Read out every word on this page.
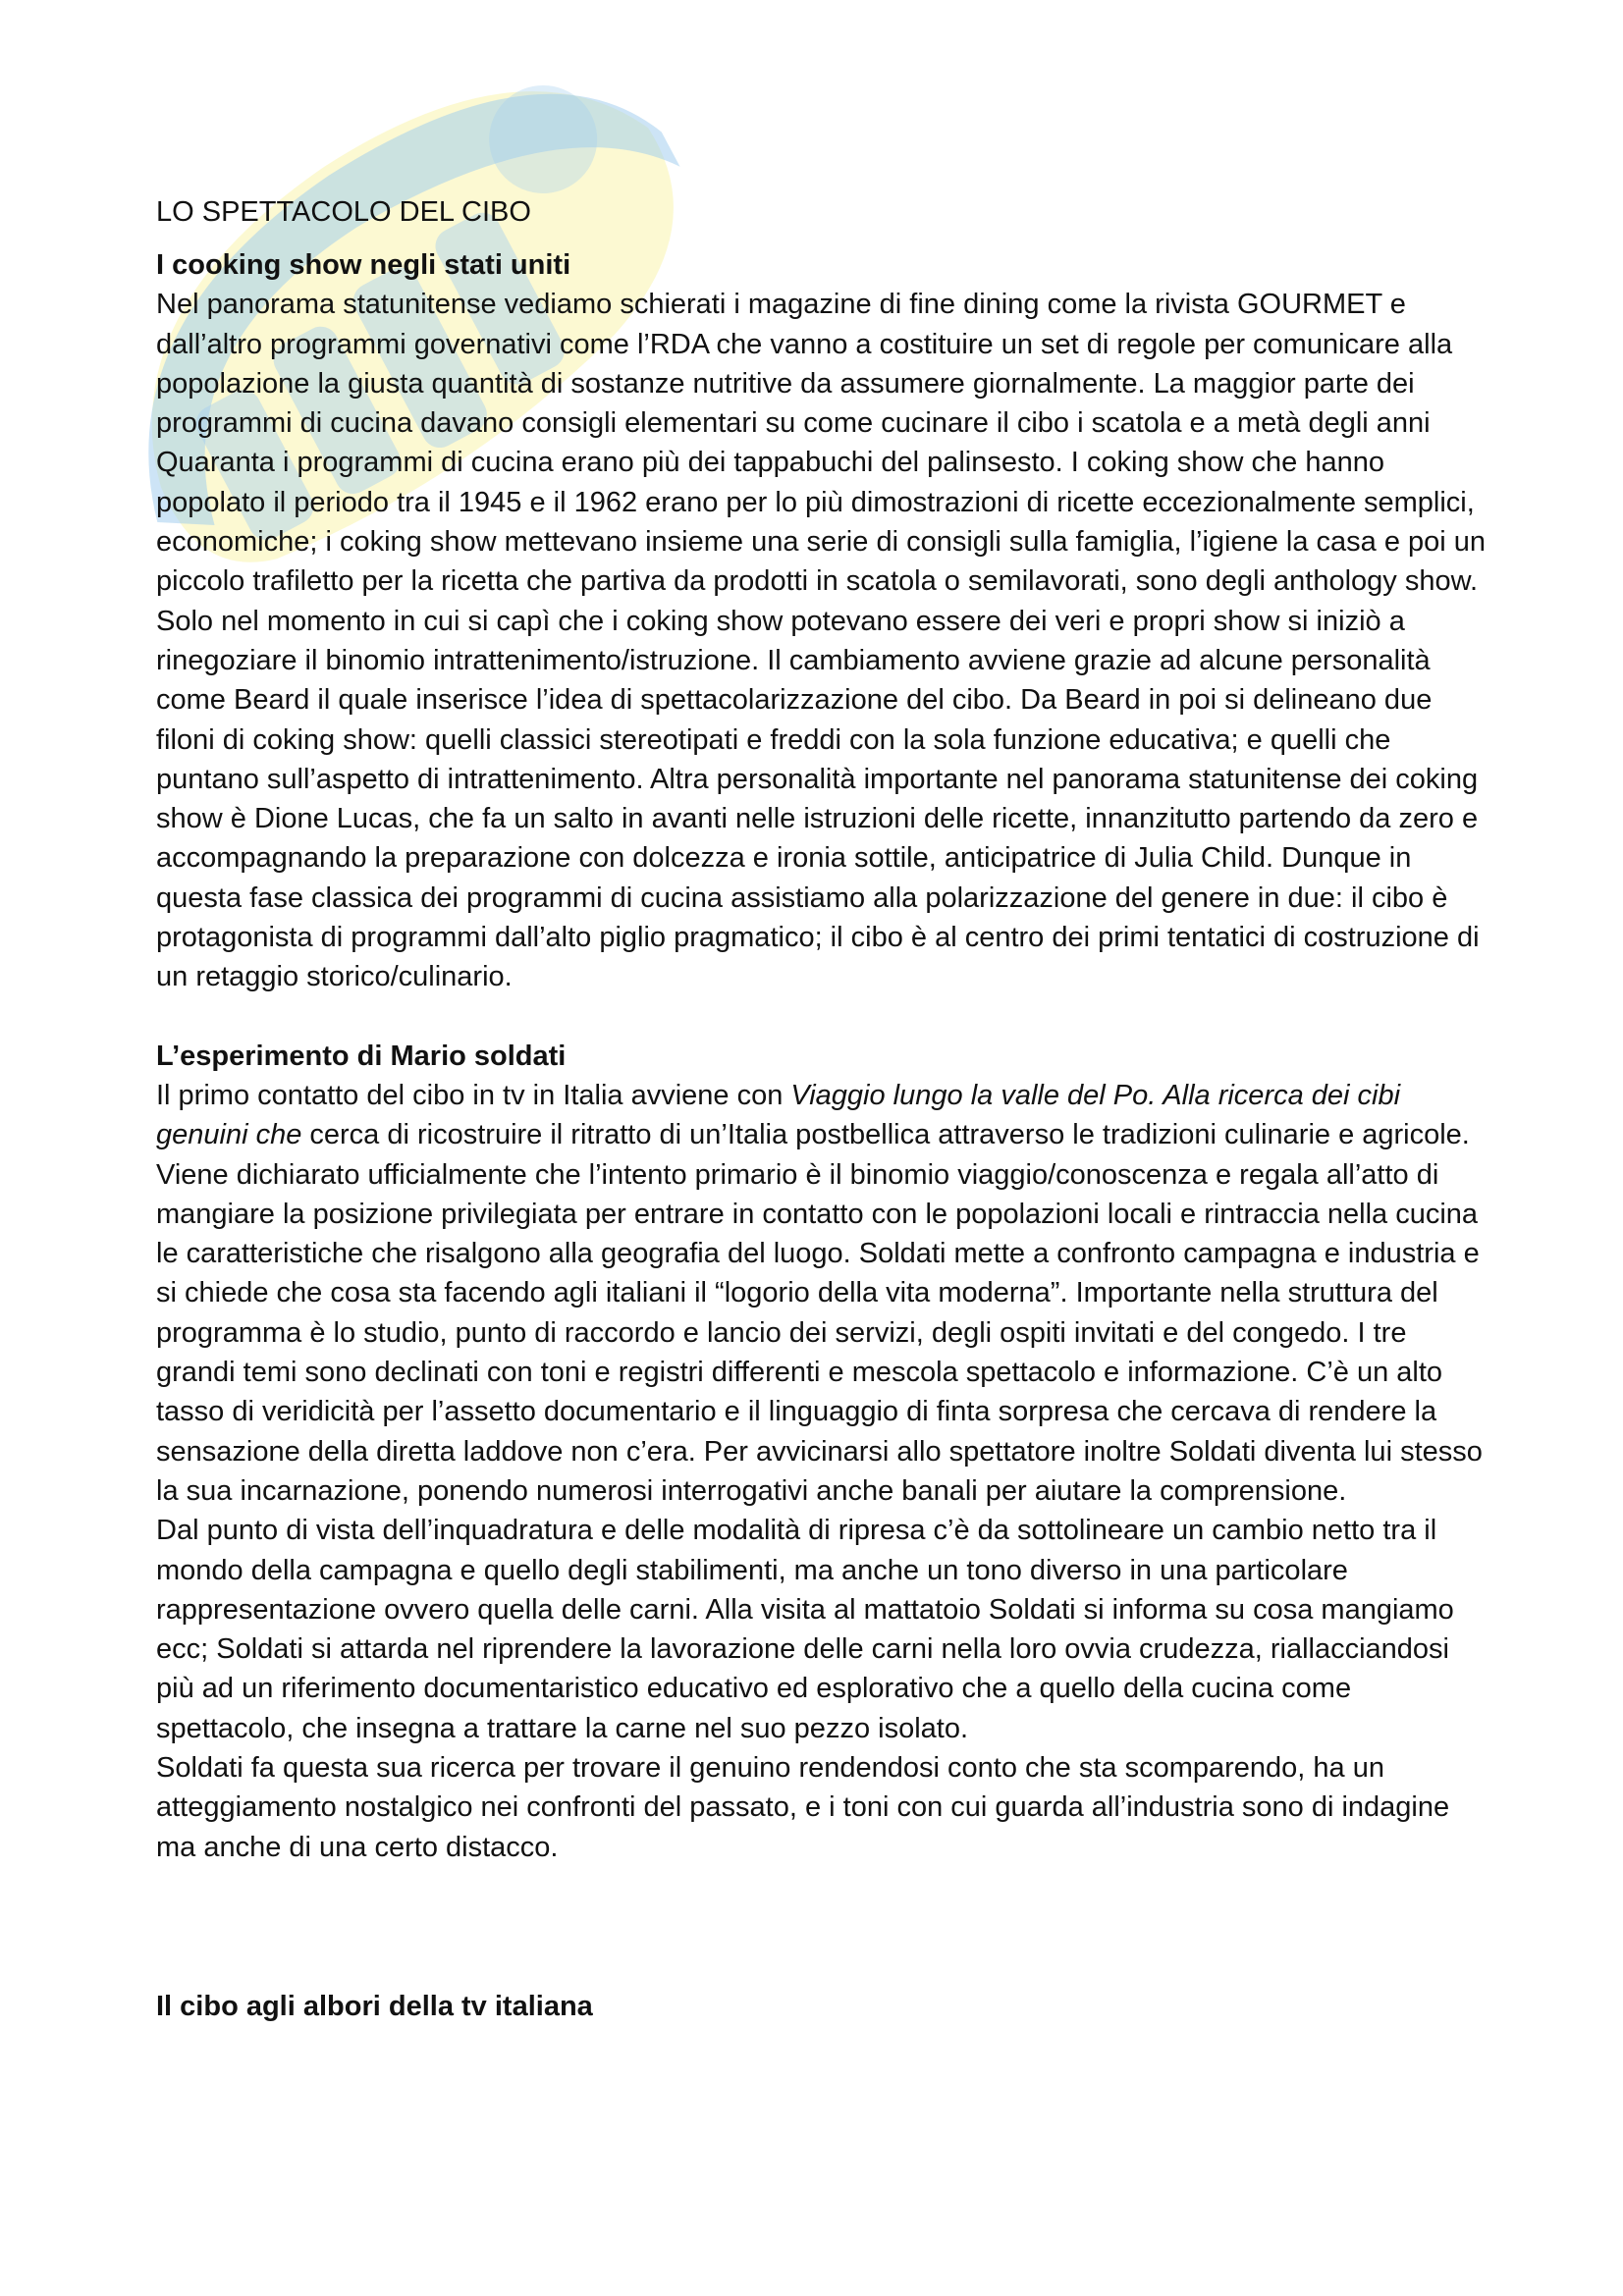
LO SPETTACOLO DEL CIBO
I cooking show negli stati uniti

Nel panorama statunitense vediamo schierati i magazine di fine dining come la rivista GOURMET e dall’altro programmi governativi come l’RDA che vanno a costituire un set di regole per comunicare alla popolazione la giusta quantità di sostanze nutritive da assumere giornalmente. La maggior parte dei programmi di cucina davano consigli elementari su come cucinare il cibo i scatola e a metà degli anni Quaranta i programmi di cucina erano più dei tappabuchi del palinsesto. I coking show che hanno popolato il periodo tra il 1945 e il 1962 erano per lo più dimostrazioni di ricette eccezionalmente semplici, economiche; i coking show mettevano insieme una serie di consigli sulla famiglia, l’igiene la casa e poi un piccolo trafiletto per la ricetta che partiva da prodotti in scatola o semilavorati, sono degli anthology show. Solo nel momento in cui si capì che i coking show potevano essere dei veri e propri show si iniziò a rinegoziare il binomio intrattenimento/istruzione. Il cambiamento avviene grazie ad alcune personalità come Beard il quale inserisce l’idea di spettacolarizzazione del cibo. Da Beard in poi si delineano due filoni di coking show: quelli classici stereotipati e freddi con la sola funzione educativa; e quelli che puntano sull’aspetto di intrattenimento. Altra personalità importante nel panorama statunitense dei coking show è Dione Lucas, che fa un salto in avanti nelle istruzioni delle ricette, innanzitutto partendo da zero e accompagnando la preparazione con dolcezza e ironia sottile, anticipatrice di Julia Child. Dunque in questa fase classica dei programmi di cucina assistiamo alla polarizzazione del genere in due: il cibo è protagonista di programmi dall’alto piglio pragmatico; il cibo è al centro dei primi tentatici di costruzione di un retaggio storico/culinario.

L’esperimento di Mario soldati

Il primo contatto del cibo in tv in Italia avviene con Viaggio lungo la valle del Po. Alla ricerca dei cibi genuini che cerca di ricostruire il ritratto di un’Italia postbellica attraverso le tradizioni culinarie e agricole. Viene dichiarato ufficialmente che l’intento primario è il binomio viaggio/conoscenza e regala all’atto di mangiare la posizione privilegiata per entrare in contatto con le popolazioni locali e rintraccia nella cucina le caratteristiche che risalgono alla geografia del luogo. Soldati mette a confronto campagna e industria e si chiede che cosa sta facendo agli italiani il “logorio della vita moderna”. Importante nella struttura del programma è lo studio, punto di raccordo e lancio dei servizi, degli ospiti invitati e del congedo. I tre grandi temi sono declinati con toni e registri differenti e mescola spettacolo e informazione. C’è un alto tasso di veridicità per l’assetto documentario e il linguaggio di finta sorpresa che cercava di rendere la sensazione della diretta laddove non c’era. Per avvicinarsi allo spettatore inoltre Soldati diventa lui stesso la sua incarnazione, ponendo numerosi interrogativi anche banali per aiutare la comprensione.

Dal punto di vista dell’inquadratura e delle modalità di ripresa c’è da sottolineare un cambio netto tra il mondo della campagna e quello degli stabilimenti, ma anche un tono diverso in una particolare rappresentazione ovvero quella delle carni. Alla visita al mattatoio Soldati si informa su cosa mangiamo ecc; Soldati si attarda nel riprendere la lavorazione delle carni nella loro ovvia crudezza, riallacciandosi più ad un riferimento documentaristico educativo ed esplorativo che a quello della cucina come spettacolo, che insegna a trattare la carne nel suo pezzo isolato.

Soldati fa questa sua ricerca per trovare il genuino rendendosi conto che sta scomparendo, ha un atteggiamento nostalgico nei confronti del passato, e i toni con cui guarda all’industria sono di indagine ma anche di una certo distacco.

Il cibo agli albori della tv italiana
